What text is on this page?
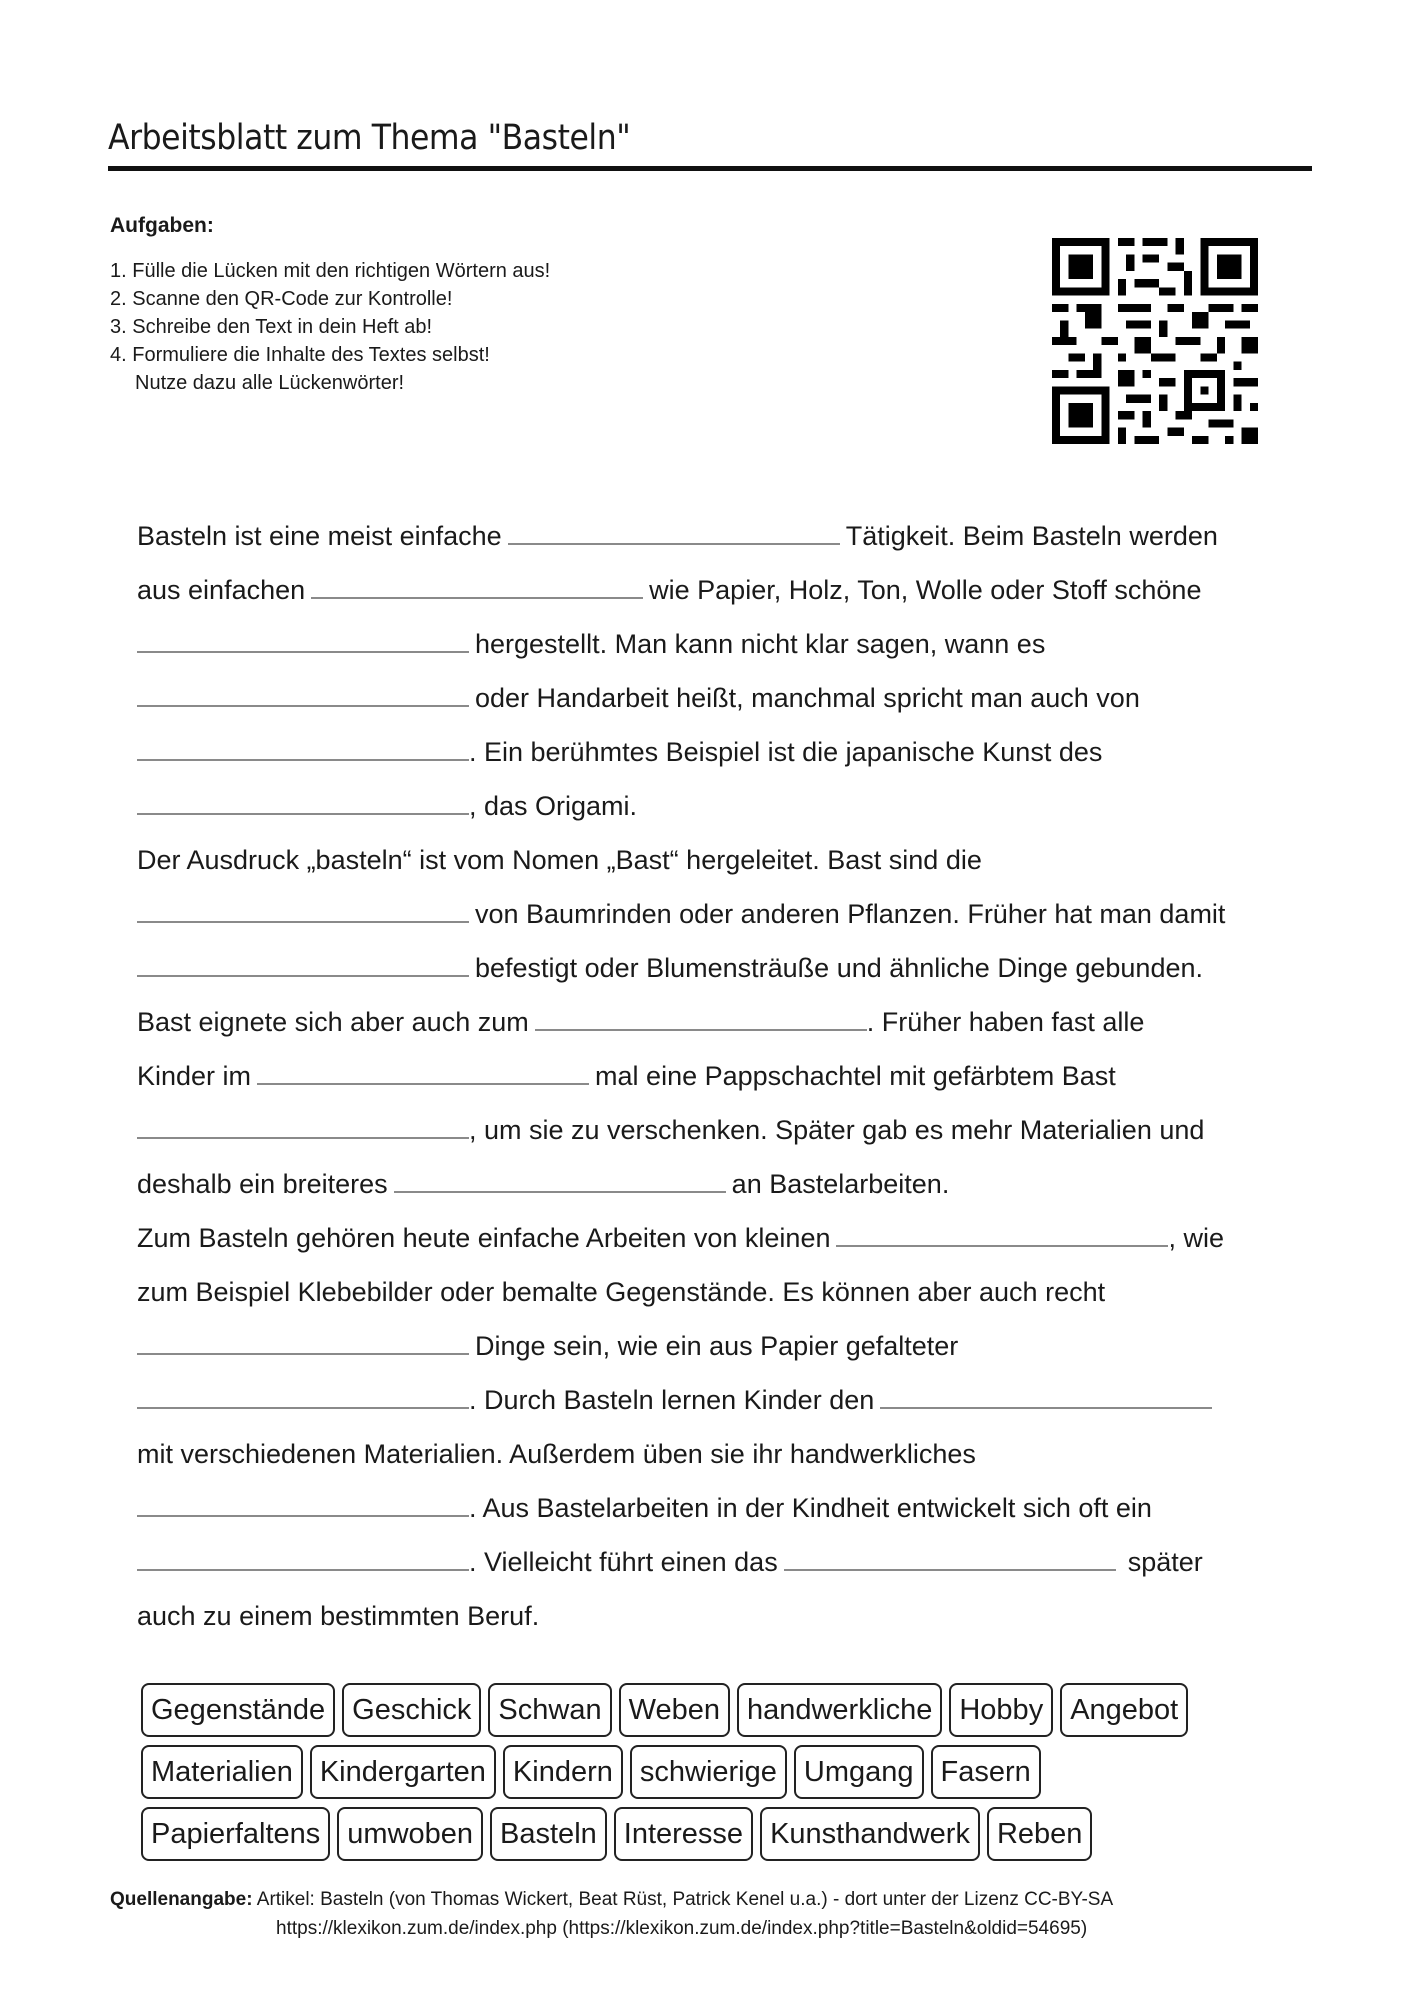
Arbeitsblatt zum Thema "Basteln"
Aufgaben:
1. Fülle die Lücken mit den richtigen Wörtern aus!
2. Scanne den QR-Code zur Kontrolle!
3. Schreibe den Text in dein Heft ab!
4. Formuliere die Inhalte des Textes selbst!
Nutze dazu alle Lückenwörter!
Basteln ist eine meist einfache	Tätigkeit. Beim Basteln werden
aus einfachen	wie Papier, Holz, Ton, Wolle oder Stoff schöne
hergestellt. Man kann nicht klar sagen, wann es
oder Handarbeit heißt, manchmal spricht man auch von
. Ein berühmtes Beispiel ist die japanische Kunst des
, das Origami.
Der Ausdruck „basteln“ ist vom Nomen „Bast“ hergeleitet. Bast sind die
von Baumrinden oder anderen Pflanzen. Früher hat man damit
befestigt oder Blumensträuße und ähnliche Dinge gebunden.
Bast eignete sich aber auch zum	. Früher haben fast alle
Kinder im	mal eine Pappschachtel mit gefärbtem Bast
, um sie zu verschenken. Später gab es mehr Materialien und
deshalb ein breiteres	an Bastelarbeiten.
Zum Basteln gehören heute einfache Arbeiten von kleinen	, wie
zum Beispiel Klebebilder oder bemalte Gegenstände. Es können aber auch recht
Dinge sein, wie ein aus Papier gefalteter
. Durch Basteln lernen Kinder den
mit verschiedenen Materialien. Außerdem üben sie ihr handwerkliches
. Aus Bastelarbeiten in der Kindheit entwickelt sich oft ein
. Vielleicht führt einen das	später
auch zu einem bestimmten Beruf.
Gegenstände Geschick Schwan Weben handwerkliche Hobby Angebot
Materialien Kindergarten Kindern schwierige Umgang Fasern
Papierfaltens umwoben Basteln Interesse Kunsthandwerk Reben
Quellenangabe: Artikel: Basteln (von Thomas Wickert, Beat Rüst, Patrick Kenel u.a.) - dort unter der Lizenz CC-BY-SA
https://klexikon.zum.de/index.php (https://klexikon.zum.de/index.php?title=Basteln&oldid=54695)
